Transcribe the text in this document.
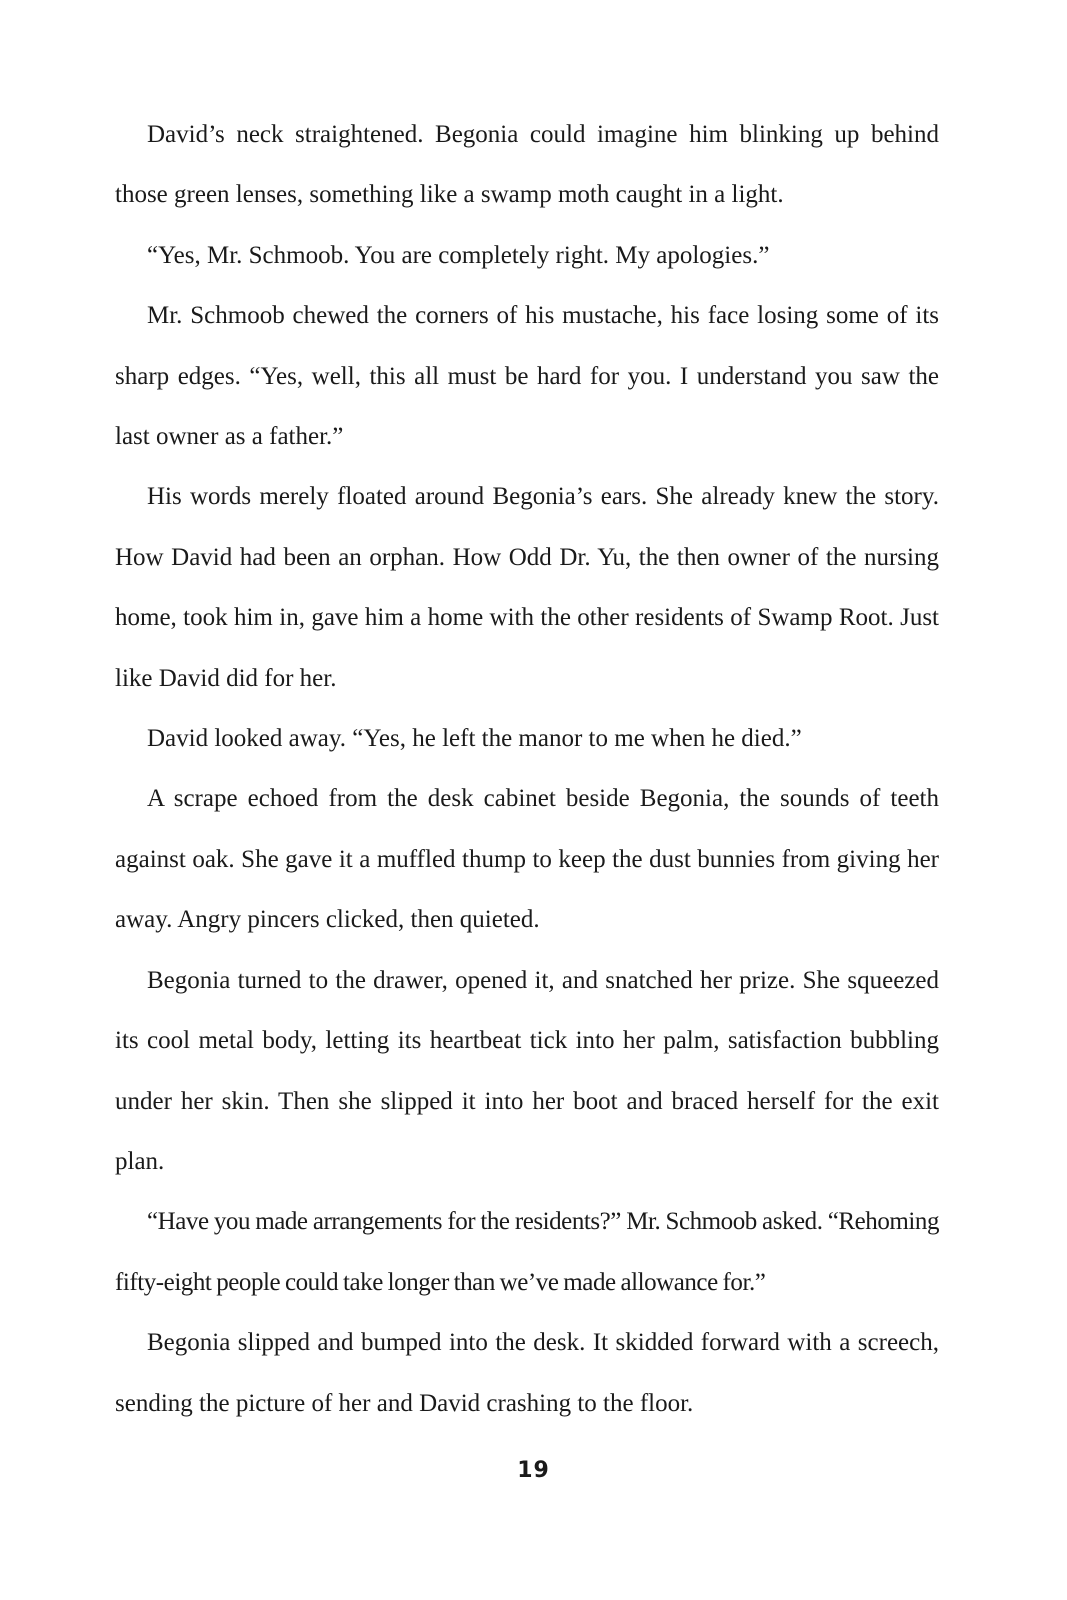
David’s neck straightened. Begonia could imagine him blinking up behind those green lenses, something like a swamp moth caught in a light.

“Yes, Mr. Schmoob. You are completely right. My apologies.”

Mr. Schmoob chewed the corners of his mustache, his face losing some of its sharp edges. “Yes, well, this all must be hard for you. I understand you saw the last owner as a father.”

His words merely floated around Begonia’s ears. She already knew the story. How David had been an orphan. How Odd Dr. Yu, the then owner of the nursing home, took him in, gave him a home with the other residents of Swamp Root. Just like David did for her.

David looked away. “Yes, he left the manor to me when he died.”

A scrape echoed from the desk cabinet beside Begonia, the sounds of teeth against oak. She gave it a muffled thump to keep the dust bunnies from giving her away. Angry pincers clicked, then quieted.

Begonia turned to the drawer, opened it, and snatched her prize. She squeezed its cool metal body, letting its heartbeat tick into her palm, satisfaction bubbling under her skin. Then she slipped it into her boot and braced herself for the exit plan.

“Have you made arrangements for the residents?” Mr. Schmoob asked. “Rehoming fifty-eight people could take longer than we’ve made allowance for.”

Begonia slipped and bumped into the desk. It skidded forward with a screech, sending the picture of her and David crashing to the floor.

19
